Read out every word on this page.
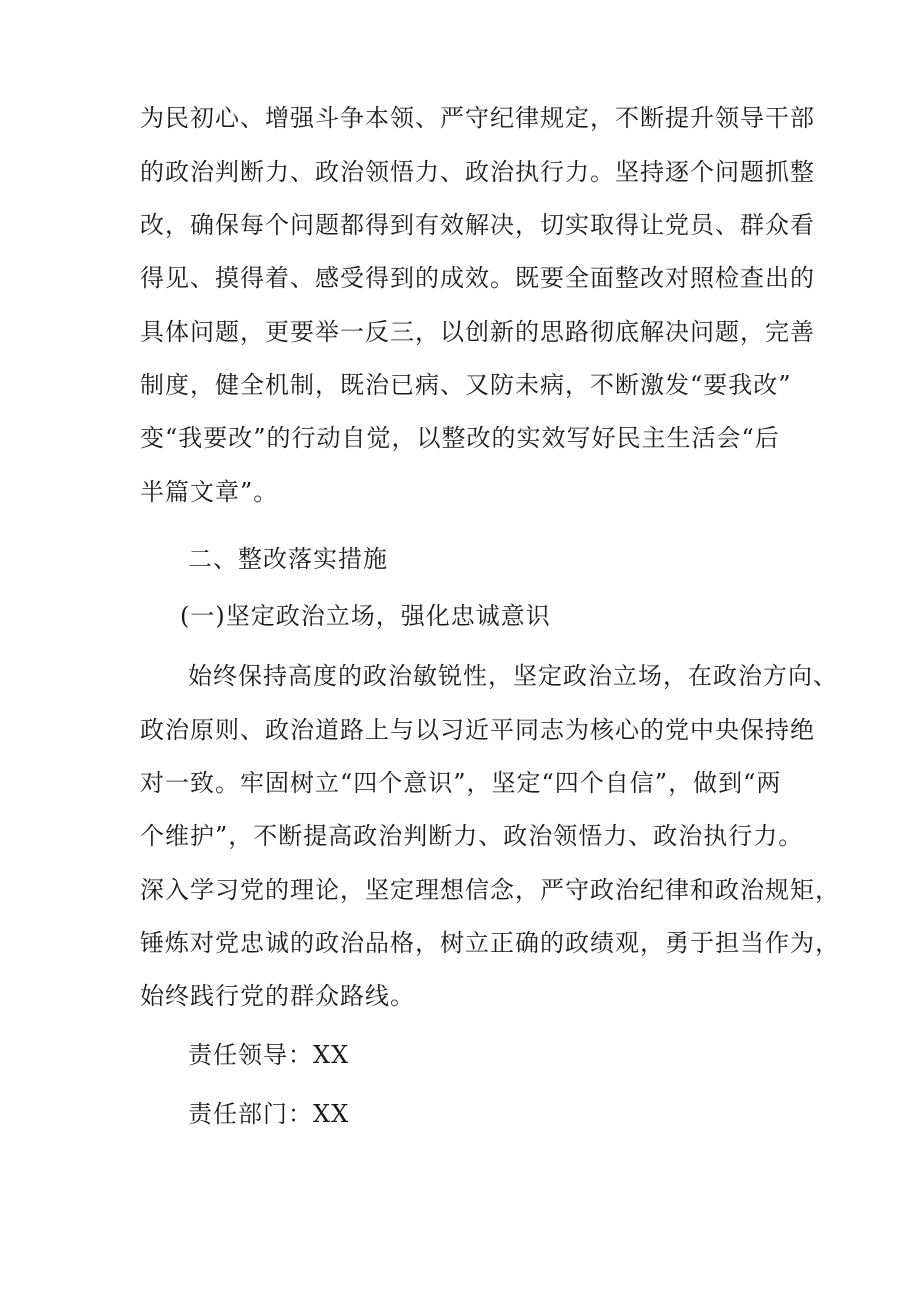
为民初心、增强斗争本领、严守纪律规定，不断提升领导干部
的政治判断力、政治领悟力、政治执行力。坚持逐个问题抓整
改，确保每个问题都得到有效解决，切实取得让党员、群众看
得见、摸得着、感受得到的成效。既要全面整改对照检查出的
具体问题，更要举一反三，以创新的思路彻底解决问题，完善
制度，健全机制，既治已病、又防未病，不断激发“要我改”
变“我要改”的行动自觉，以整改的实效写好民主生活会“后
半篇文章”。
二、整改落实措施
(一)坚定政治立场，强化忠诚意识
始终保持高度的政治敏锐性，坚定政治立场，在政治方向、
政治原则、政治道路上与以习近平同志为核心的党中央保持绝
对一致。牢固树立“四个意识”，坚定“四个自信”，做到“两
个维护”，不断提高政治判断力、政治领悟力、政治执行力。
深入学习党的理论，坚定理想信念，严守政治纪律和政治规矩，
锤炼对党忠诚的政治品格，树立正确的政绩观，勇于担当作为，
始终践行党的群众路线。
责任领导：XX
责任部门：XX
